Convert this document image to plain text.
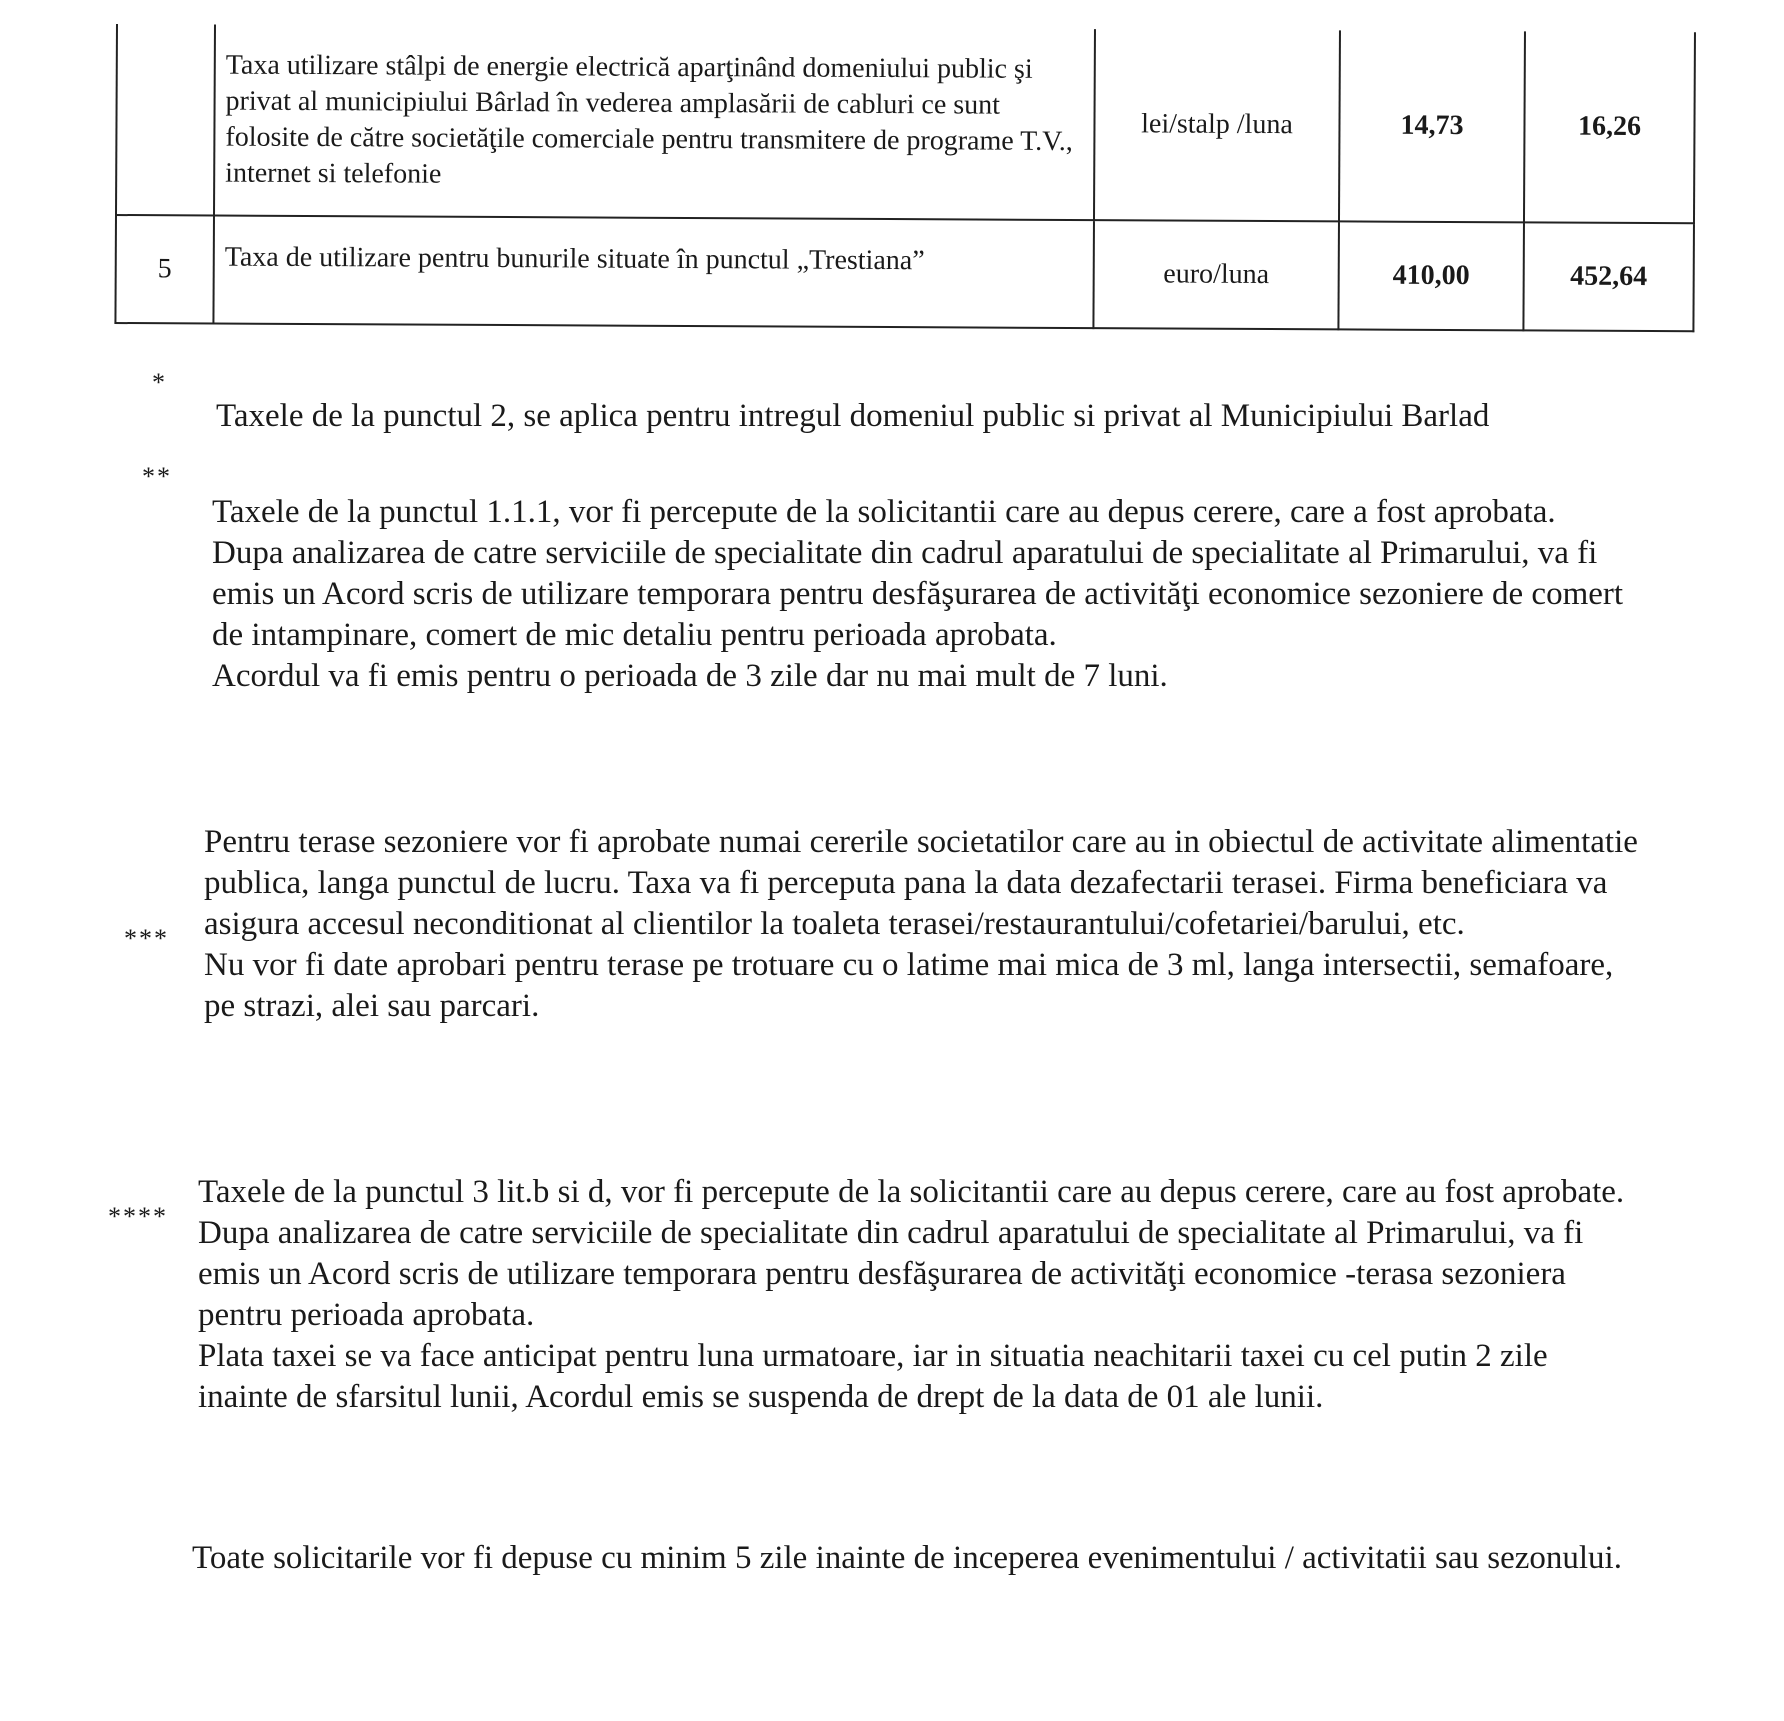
	Taxa utilizare stâlpi de energie electrică aparţinând domeniului public şi privat al municipiului Bârlad în vederea amplasării de cabluri ce sunt folosite de către societăţile comerciale pentru transmitere de programe T.V., internet si telefonie	lei/stalp /luna	14,73	16,26
5	Taxa de utilizare pentru bunurile situate în punctul „Trestiana”	euro/luna	410,00	452,64
*

Taxele de la punctul 2, se aplica pentru intregul domeniul public si privat al Municipiului Barlad

**

Taxele de la punctul 1.1.1, vor fi percepute de la solicitantii care au depus cerere, care a fost aprobata.

Dupa analizarea de catre serviciile de specialitate din cadrul aparatului de specialitate al Primarului, va fi emis un Acord scris de utilizare temporara pentru desfăşurarea de activităţi economice sezoniere de comert de intampinare, comert de mic detaliu pentru perioada aprobata.

Acordul va fi emis pentru o perioada de 3 zile dar nu mai mult de 7 luni.

***

Pentru terase sezoniere vor fi aprobate numai cererile societatilor care au in obiectul de activitate alimentatie publica, langa punctul de lucru. Taxa va fi perceputa pana la data dezafectarii terasei. Firma beneficiara va asigura accesul neconditionat al clientilor la toaleta terasei/restaurantului/cofetariei/barului, etc.

Nu vor fi date aprobari pentru terase pe trotuare cu o latime mai mica de 3 ml, langa intersectii, semafoare, pe strazi, alei sau parcari.

****

Taxele de la punctul 3 lit.b si d, vor fi percepute de la solicitantii care au depus cerere, care au fost aprobate.

Dupa analizarea de catre serviciile de specialitate din cadrul aparatului de specialitate al Primarului, va fi emis un Acord scris de utilizare temporara pentru desfăşurarea de activităţi economice -terasa sezoniera pentru perioada aprobata.

Plata taxei se va face anticipat pentru luna urmatoare, iar in situatia neachitarii taxei cu cel putin 2 zile inainte de sfarsitul lunii, Acordul emis se suspenda de drept de la data de 01 ale lunii.

Toate solicitarile vor fi depuse cu minim 5 zile inainte de inceperea evenimentului / activitatii sau sezonului.
